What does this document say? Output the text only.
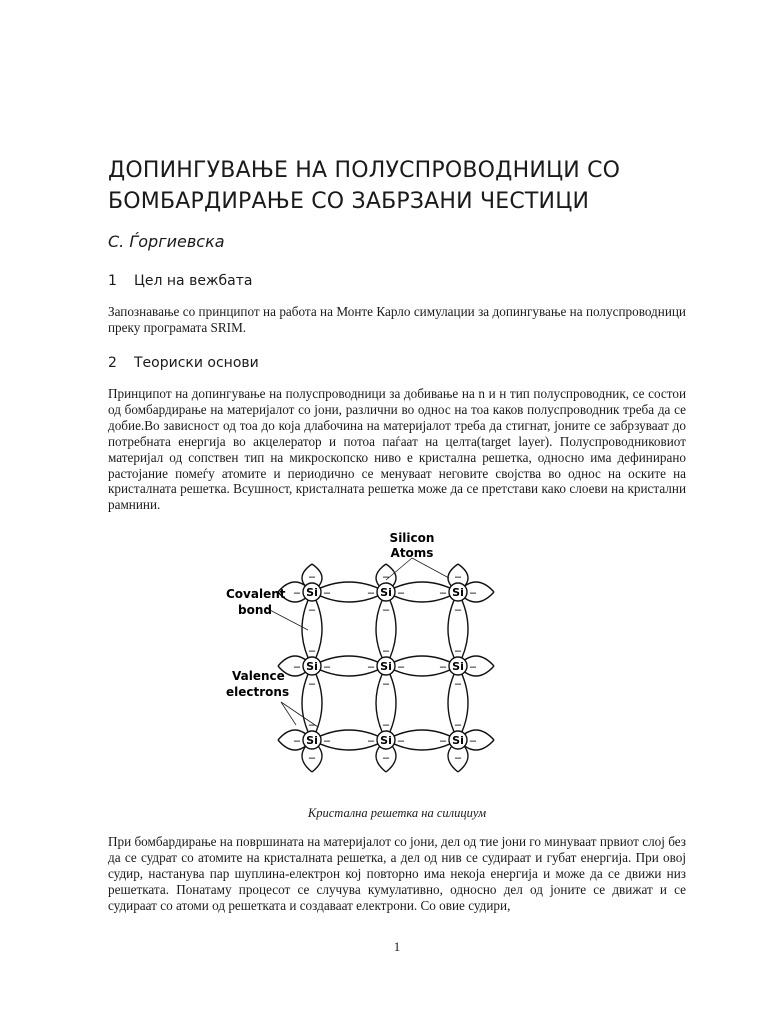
ДОПИНГУВАЊЕ НА ПОЛУСПРОВОДНИЦИ СО
БОМБАРДИРАЊЕ СО ЗАБРЗАНИ ЧЕСТИЦИ
С. Ѓоргиевска
1 Цел на вежбата

Запознавање со принципот на работа на Монте Карло симулации за допингување на полуспроводници преку програмата SRIM.

2 Теориски основи

Принципот на допингување на полуспроводници за добивање на n и н тип полуспроводник, се состои од бомбардирање на материјалот со јони, различни во однос на тоа каков полуспроводник треба да се добие.Во зависност од тоа до која длабочина на материјалот треба да стигнат, јоните се забрзуваат до потребната енергија во акцелератор и потоа паѓаат на целта(target layer). Полуспроводниковиот материјал од сопствен тип на микроскопско ниво е кристална решетка, односно има дефинирано растојание помеѓу атомите и периодично се менуваат неговите својства во однос на оските на кристалната решетка. Всушност, кристалната решетка може да се претстави како слоеви на кристални рамнини.

Si	Si	Si
Si	Si	Si
Si	Si	Si
– –
–
–
– –
–
–
– –
–
–
– –
–
–
– –
–
–
– –
–
–
– –
–
–
– –
–
–
– –
–
–
Silicon
Atoms
Covalent
bond
Valence
electrons
Кристална решетка на силициум

При бомбардирање на површината на материјалот со јони, дел од тие јони го минуваат првиот слој без да се судрат со атомите на кристалната решетка, а дел од нив се судираат и губат енергија. При овој судир, настанува пар шуплина-електрон кој повторно има некоја енергија и може да се движи низ решетката. Понатаму процесот се случува кумулативно, односно дел од јоните се движат и се судираат со атоми од решетката и создаваат електрони. Со овие судири,

1
